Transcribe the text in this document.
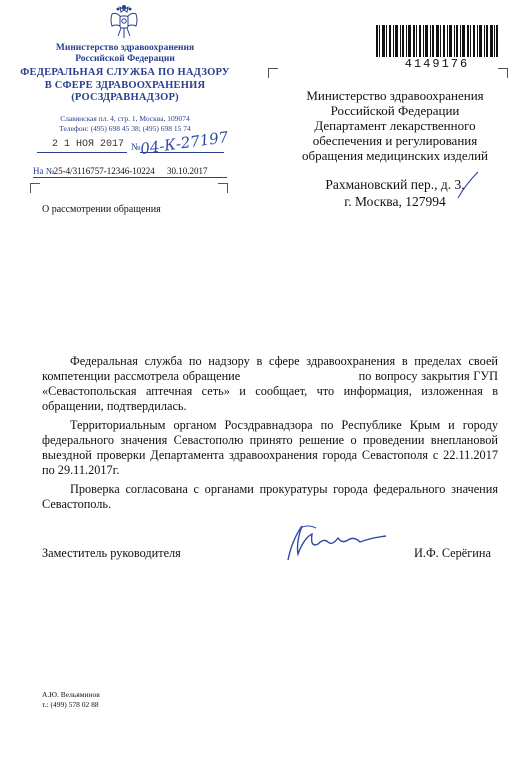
Министерство здравоохранения
Российской Федерации
ФЕДЕРАЛЬНАЯ СЛУЖБА ПО НАДЗОРУ
В СФЕРЕ ЗДРАВООХРАНЕНИЯ
(РОСЗДРАВНАДЗОР)
Славянская пл. 4, стр. 1, Москва, 109074
Телефон: (495) 698 45 38; (495) 698 15 74
2 1 НОЯ 2017 №
04-К-27197
На № 25-4/3116757-12346-10224 30.10.2017
О рассмотрении обращения
4149176
Министерство здравоохранения
Российской Федерации
Департамент лекарственного
обеспечения и регулирования
обращения медицинских изделий
Рахмановский пер., д. 3,
г. Москва, 127994

Федеральная служба по надзору в сфере здравоохранения в пределах своей компетенции рассмотрела обращение                                по вопросу закрытия ГУП «Севастопольская аптечная сеть» и сообщает, что информация, изложенная в обращении, подтвердилась.

Территориальным органом Росздравнадзора по Республике Крым и городу федерального значения Севастополю принято решение о проведении внеплановой выездной проверки Департамента здравоохранения города Севастополя с 22.11.2017 по 29.11.2017г.

Проверка согласована с органами прокуратуры города федерального значения Севастополь.

Заместитель руководителя	И.Ф. Серёгина
А.Ю. Вельяминов
т.: (499) 578 02 88
